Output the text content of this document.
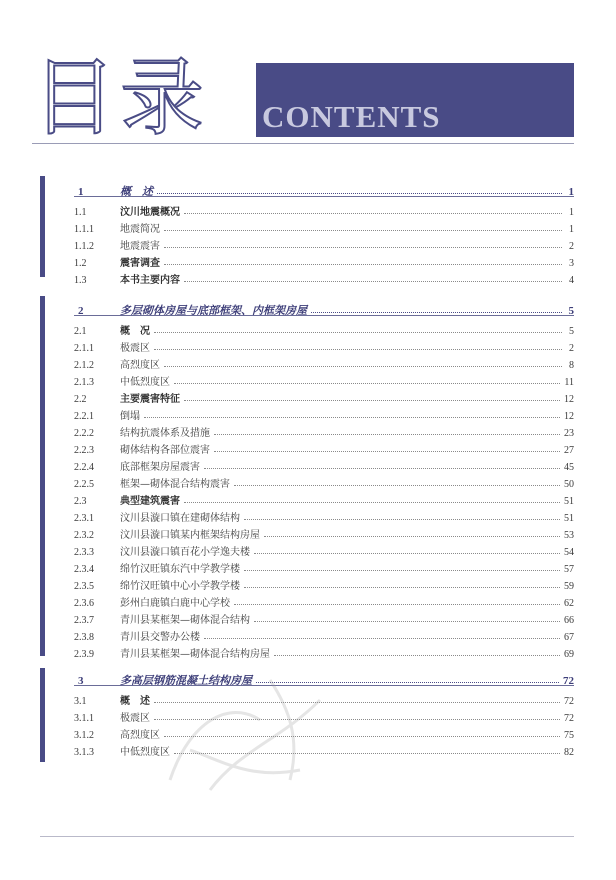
目录 CONTENTS
1	概　述	1
1.1	汶川地震概况	1
1.1.1	地震简况	1
1.1.2	地震震害	2
1.2	震害调查	3
1.3	本书主要内容	4
2	多层砌体房屋与底部框架、内框架房屋	5
2.1	概　况	5
2.1.1	极震区	2
2.1.2	高烈度区	8
2.1.3	中低烈度区	11
2.2	主要震害特征	12
2.2.1	倒塌	12
2.2.2	结构抗震体系及措施	23
2.2.3	砌体结构各部位震害	27
2.2.4	底部框架房屋震害	45
2.2.5	框架—砌体混合结构震害	50
2.3	典型建筑震害	51
2.3.1	汶川县漩口镇在建砌体结构	51
2.3.2	汶川县漩口镇某内框架结构房屋	53
2.3.3	汶川县漩口镇百花小学逸夫楼	54
2.3.4	绵竹汉旺镇东汽中学教学楼	57
2.3.5	绵竹汉旺镇中心小学教学楼	59
2.3.6	彭州白鹿镇白鹿中心学校	62
2.3.7	青川县某框架—砌体混合结构	66
2.3.8	青川县交警办公楼	67
2.3.9	青川县某框架—砌体混合结构房屋	69
3	多高层钢筋混凝土结构房屋	72
3.1	概　述	72
3.1.1	极震区	72
3.1.2	高烈度区	75
3.1.3	中低烈度区	82
